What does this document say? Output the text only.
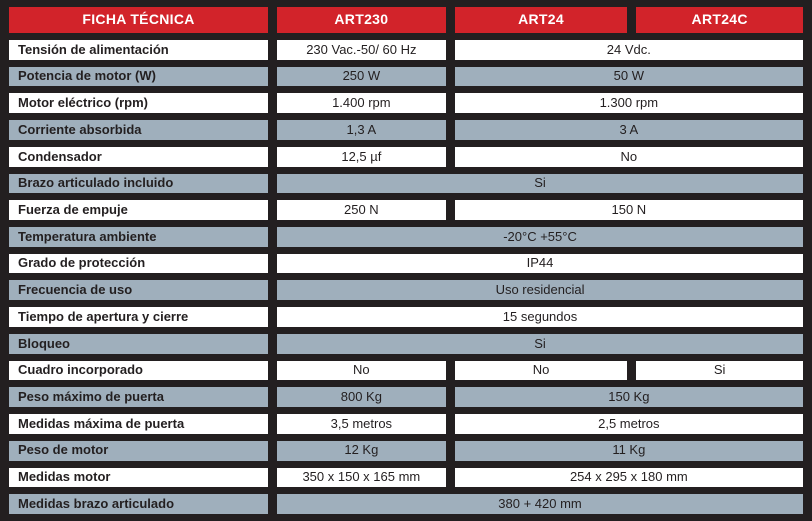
FICHA TÉCNICA	ART230	ART24	ART24C
Tensión de alimentación	230 Vac.-50/ 60 Hz	24 Vdc.	
Potencia de motor (W)	250 W	50 W	
Motor eléctrico (rpm)	1.400 rpm	1.300 rpm	
Corriente absorbida	1,3 A	3 A	
Condensador	12,5 µf	No	
Brazo articulado incluido	Si		
Fuerza de empuje	250 N	150 N	
Temperatura ambiente	-20°C +55°C		
Grado de protección	IP44		
Frecuencia de uso	Uso residencial		
Tiempo de apertura y cierre	15 segundos		
Bloqueo	Si		
Cuadro incorporado	No	No	Si
Peso máximo de puerta	800 Kg	150 Kg	
Medidas máxima de puerta	3,5 metros	2,5 metros	
Peso de motor	12 Kg	11 Kg	
Medidas motor	350 x 150 x 165 mm	254 x 295 x 180 mm	
Medidas brazo articulado	380 + 420 mm		
